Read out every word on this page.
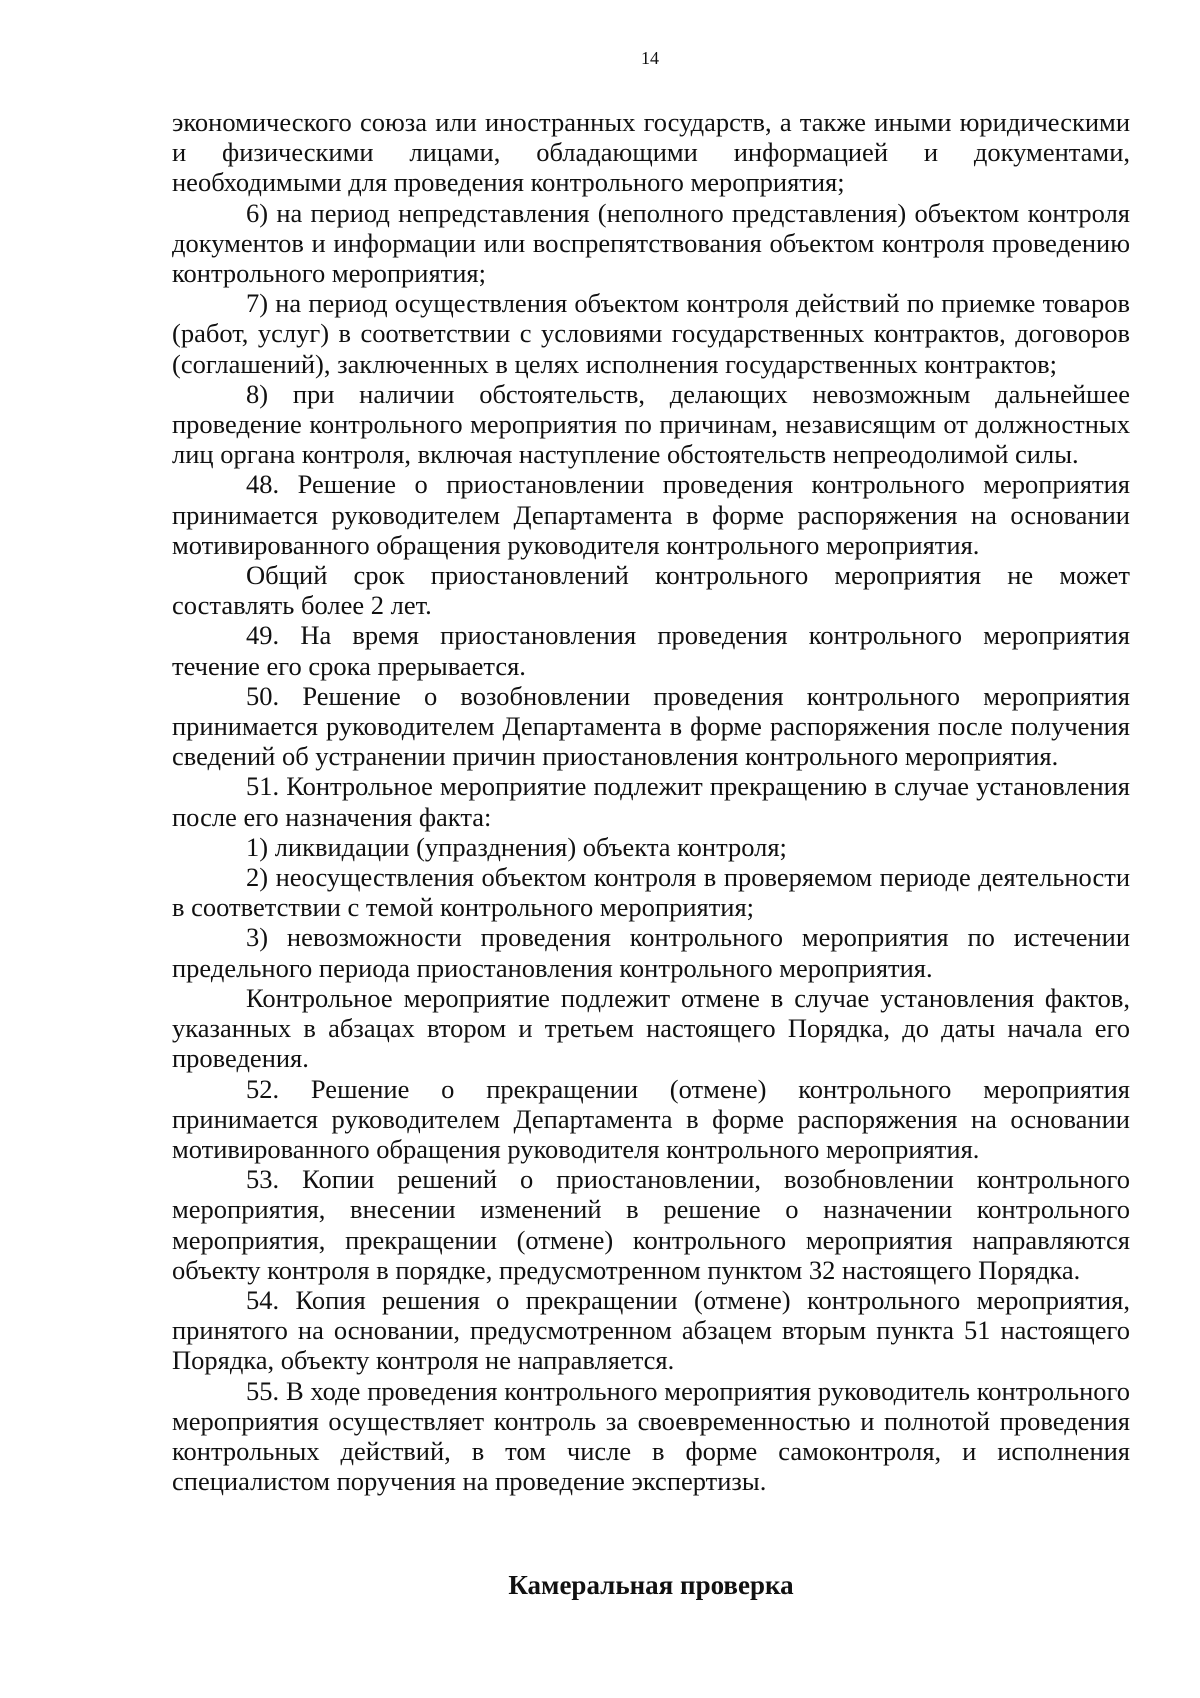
14

экономического союза или иностранных государств, а также иными юридическими и физическими лицами, обладающими информацией и документами, необходимыми для проведения контрольного мероприятия;

6) на период непредставления (неполного представления) объектом контроля документов и информации или воспрепятствования объектом контроля проведению контрольного мероприятия;

7) на период осуществления объектом контроля действий по приемке товаров (работ, услуг) в соответствии с условиями государственных контрактов, договоров (соглашений), заключенных в целях исполнения государственных контрактов;

8) при наличии обстоятельств, делающих невозможным дальнейшее проведение контрольного мероприятия по причинам, независящим от должностных лиц органа контроля, включая наступление обстоятельств непреодолимой силы.

48. Решение о приостановлении проведения контрольного мероприятия принимается руководителем Департамента в форме распоряжения на основании мотивированного обращения руководителя контрольного мероприятия.

Общий срок приостановлений контрольного мероприятия не может составлять более 2 лет.

49. На время приостановления проведения контрольного мероприятия течение его срока прерывается.

50. Решение о возобновлении проведения контрольного мероприятия принимается руководителем Департамента в форме распоряжения после получения сведений об устранении причин приостановления контрольного мероприятия.

51. Контрольное мероприятие подлежит прекращению в случае установления после его назначения факта:

1) ликвидации (упразднения) объекта контроля;

2) неосуществления объектом контроля в проверяемом периоде деятельности в соответствии с темой контрольного мероприятия;

3) невозможности проведения контрольного мероприятия по истечении предельного периода приостановления контрольного мероприятия.

Контрольное мероприятие подлежит отмене в случае установления фактов, указанных в абзацах втором и третьем настоящего Порядка, до даты начала его проведения.

52. Решение о прекращении (отмене) контрольного мероприятия принимается руководителем Департамента в форме распоряжения на основании мотивированного обращения руководителя контрольного мероприятия.

53. Копии решений о приостановлении, возобновлении контрольного мероприятия, внесении изменений в решение о назначении контрольного мероприятия, прекращении (отмене) контрольного мероприятия направляются объекту контроля в порядке, предусмотренном пунктом 32 настоящего Порядка.

54. Копия решения о прекращении (отмене) контрольного мероприятия, принятого на основании, предусмотренном абзацем вторым пункта 51 настоящего Порядка, объекту контроля не направляется.

55. В ходе проведения контрольного мероприятия руководитель контрольного мероприятия осуществляет контроль за своевременностью и полнотой проведения контрольных действий, в том числе в форме самоконтроля, и исполнения специалистом поручения на проведение экспертизы.

Камеральная проверка
